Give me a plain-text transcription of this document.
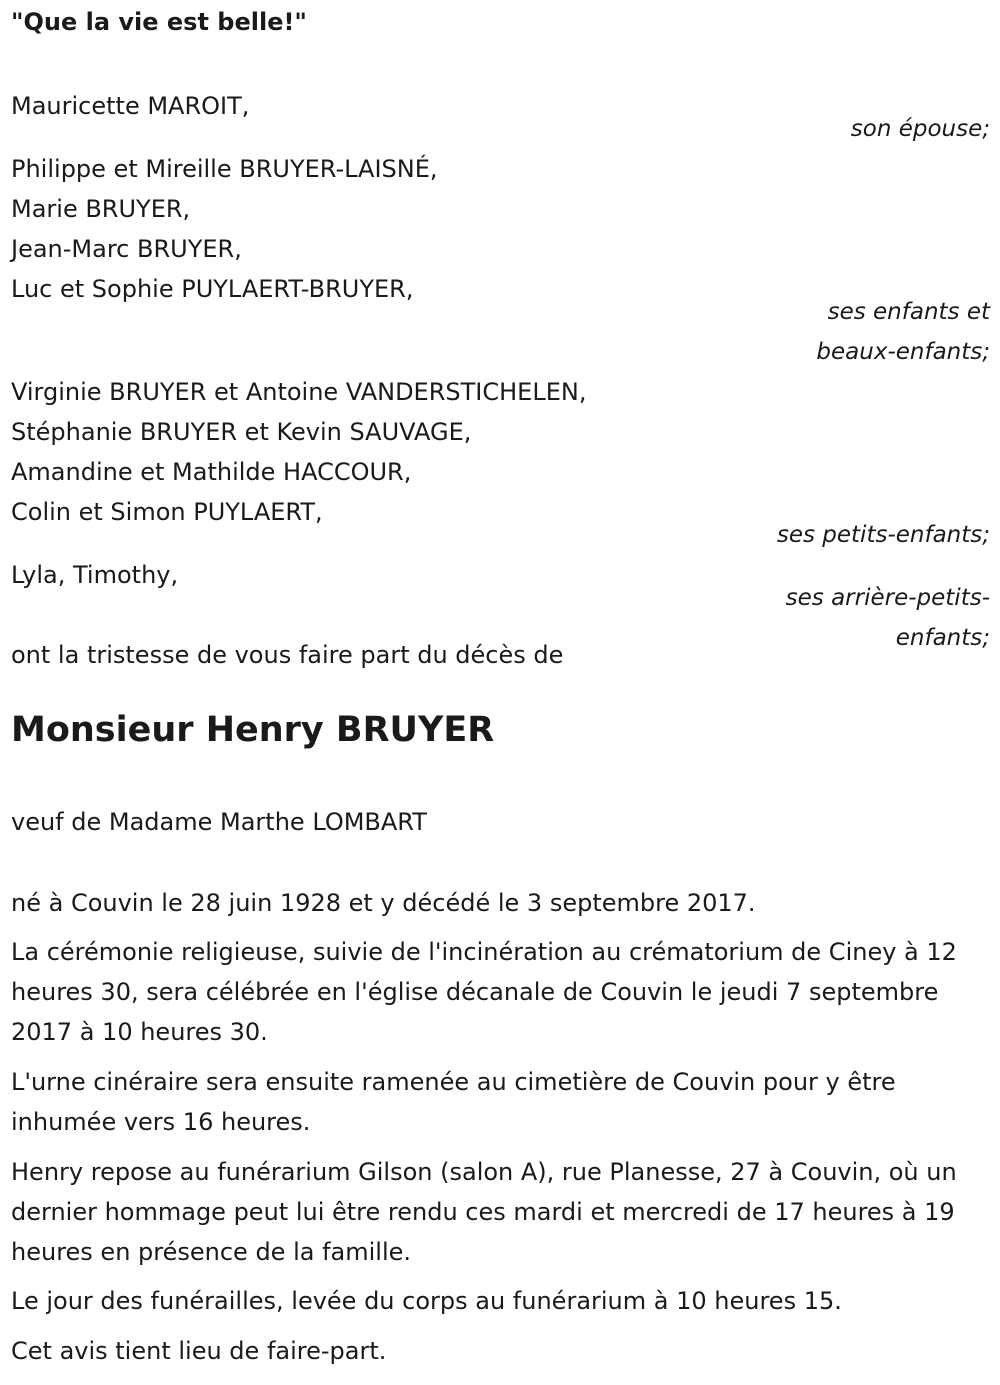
"Que la vie est belle!"
Mauricette MAROIT,
son épouse;
Philippe et Mireille BRUYER-LAISNÉ,
Marie BRUYER,
Jean-Marc BRUYER,
Luc et Sophie PUYLAERT-BRUYER,
ses enfants et
beaux-enfants;
Virginie BRUYER et Antoine VANDERSTICHELEN,
Stéphanie BRUYER et Kevin SAUVAGE,
Amandine et Mathilde HACCOUR,
Colin et Simon PUYLAERT,
ses petits-enfants;
Lyla, Timothy,
ses arrière-petits-
enfants;
ont la tristesse de vous faire part du décès de
Monsieur Henry BRUYER
veuf de Madame Marthe LOMBART
né à Couvin le 28 juin 1928 et y décédé le 3 septembre 2017.
La cérémonie religieuse, suivie de l'incinération au crématorium de Ciney à 12 heures 30, sera célébrée en l'église décanale de Couvin le jeudi 7 septembre 2017 à 10 heures 30.
L'urne cinéraire sera ensuite ramenée au cimetière de Couvin pour y être inhumée vers 16 heures.
Henry repose au funérarium Gilson (salon A), rue Planesse, 27 à Couvin, où un dernier hommage peut lui être rendu ces mardi et mercredi de 17 heures à 19 heures en présence de la famille.
Le jour des funérailles, levée du corps au funérarium à 10 heures 15.
Cet avis tient lieu de faire-part.
